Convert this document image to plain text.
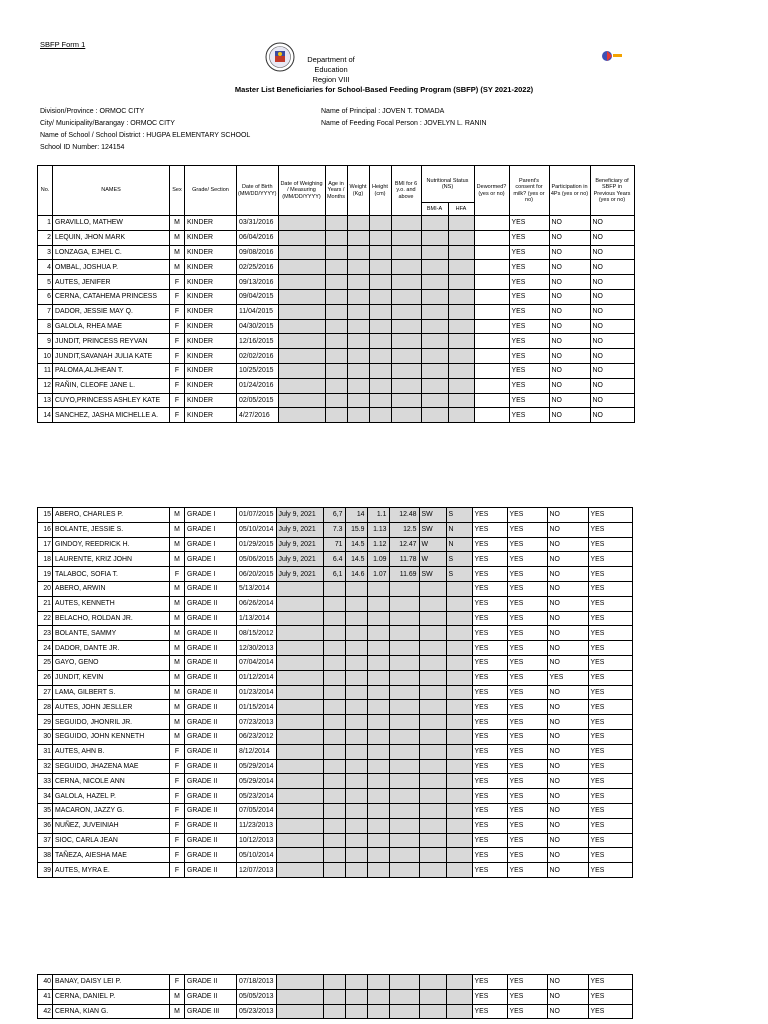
SBFP Form 1
Department of Education
Region VIII
Master List Beneficiaries for School-Based Feeding Program (SBFP) (SY 2021-2022)
Division/Province : ORMOC CITY
City/ Municipality/Barangay : ORMOC CITY
Name of School / School District : HUGPA ELEMENTARY SCHOOL
School ID Number: 124154
Name of Principal : JOVEN T. TOMADA
Name of Feeding Focal Person : JOVELYN L. RANIN
No.	NAMES	Sex	Grade/ Section	Date of Birth (MM/DD/YYYY)	Date of Weighing / Measuring (MM/DD/YYYY)	Age in Years / Months	Weight (Kg)	Height (cm)	BMI for 6 y.o. and above	Nutritional Status (NS)		Dewormed? (yes or no)	Parent's consent for milk? (yes or no)	Participation in 4Ps (yes or no)	Beneficiary of SBFP in Previous Years (yes or no)
										BMI-A	HFA				
1	GRAVILLO, MATHEW	M	KINDER	03/31/2016									YES	NO	NO
2	LEQUIN, JHON MARK	M	KINDER	06/04/2016									YES	NO	NO
3	LONZAGA, EJHEL C.	M	KINDER	09/08/2016									YES	NO	NO
4	OMBAL, JOSHUA P.	M	KINDER	02/25/2016									YES	NO	NO
5	AUTES, JENIFER	F	KINDER	09/13/2016									YES	NO	NO
6	CERNA, CATAHEMA PRINCESS	F	KINDER	09/04/2015									YES	NO	NO
7	DADOR, JESSIE MAY Q.	F	KINDER	11/04/2015									YES	NO	NO
8	GALOLA, RHEA MAE	F	KINDER	04/30/2015									YES	NO	NO
9	JUNDIT, PRINCESS REYVAN	F	KINDER	12/16/2015									YES	NO	NO
10	JUNDIT,SAVANAH JULIA KATE	F	KINDER	02/02/2016									YES	NO	NO
11	PALOMA,ALJHEAN T.	F	KINDER	10/25/2015									YES	NO	NO
12	RAÑIN, CLEOFE JANE L.	F	KINDER	01/24/2016									YES	NO	NO
13	CUYO,PRINCESS ASHLEY KATE	F	KINDER	02/05/2015									YES	NO	NO
14	SANCHEZ, JASHA MICHELLE A.	F	KINDER	4/27/2016									YES	NO	NO
15	ABERO, CHARLES P.	M	GRADE I	01/07/2015	July 9, 2021	6,7	14	1.1	12.48	SW	S	YES	YES	NO	YES
16	BOLANTE, JESSIE S.	M	GRADE I	05/10/2014	July 9, 2021	7.3	15.9	1.13	12.5	SW	N	YES	YES	NO	YES
17	GINDOY, REEDRICK H.	M	GRADE I	01/29/2015	July 9, 2021	71	14.5	1.12	12.47	W	N	YES	YES	NO	YES
18	LAURENTE, KRIZ JOHN	M	GRADE I	05/06/2015	July 9, 2021	6.4	14.5	1.09	11.78	W	S	YES	YES	NO	YES
19	TALABOC, SOFIA T.	F	GRADE I	06/20/2015	July 9, 2021	6,1	14.6	1.07	11.69	SW	S	YES	YES	NO	YES
20	ABERO, ARWIN	M	GRADE II	5/13/2014								YES	YES	NO	YES
21	AUTES, KENNETH	M	GRADE II	06/26/2014								YES	YES	NO	YES
22	BELACHO, ROLDAN JR.	M	GRADE II	1/13/2014								YES	YES	NO	YES
23	BOLANTE, SAMMY	M	GRADE II	08/15/2012								YES	YES	NO	YES
24	DADOR, DANTE JR.	M	GRADE II	12/30/2013								YES	YES	NO	YES
25	GAYO, GENO	M	GRADE II	07/04/2014								YES	YES	NO	YES
26	JUNDIT, KEVIN	M	GRADE II	01/12/2014								YES	YES	YES	YES
27	LAMA, GILBERT S.	M	GRADE II	01/23/2014								YES	YES	NO	YES
28	AUTES, JOHN JESLLER	M	GRADE II	01/15/2014								YES	YES	NO	YES
29	SEGUIDO, JHONRIL JR.	M	GRADE II	07/23/2013								YES	YES	NO	YES
30	SEGUIDO, JOHN KENNETH	M	GRADE II	06/23/2012								YES	YES	NO	YES
31	AUTES, AHN B.	F	GRADE II	8/12/2014								YES	YES	NO	YES
32	SEGUIDO, JHAZENA MAE	F	GRADE II	05/29/2014								YES	YES	NO	YES
33	CERNA, NICOLE ANN	F	GRADE II	05/29/2014								YES	YES	NO	YES
34	GALOLA, HAZEL P.	F	GRADE II	05/23/2014								YES	YES	NO	YES
35	MACARON, JAZZY G.	F	GRADE II	07/05/2014								YES	YES	NO	YES
36	NUÑEZ, JUVEINIAH	F	GRADE II	11/23/2013								YES	YES	NO	YES
37	SIOC, CARLA JEAN	F	GRADE II	10/12/2013								YES	YES	NO	YES
38	TAÑEZA, AIESHA MAE	F	GRADE II	05/10/2014								YES	YES	NO	YES
39	AUTES, MYRA E.	F	GRADE II	12/07/2013								YES	YES	NO	YES
40	BANAY, DAISY LEI P.	F	GRADE II	07/18/2013								YES	YES	NO	YES
41	CERNA, DANIEL P.	M	GRADE II	05/05/2013								YES	YES	NO	YES
42	CERNA, KIAN G.	M	GRADE III	05/23/2013								YES	YES	NO	YES
